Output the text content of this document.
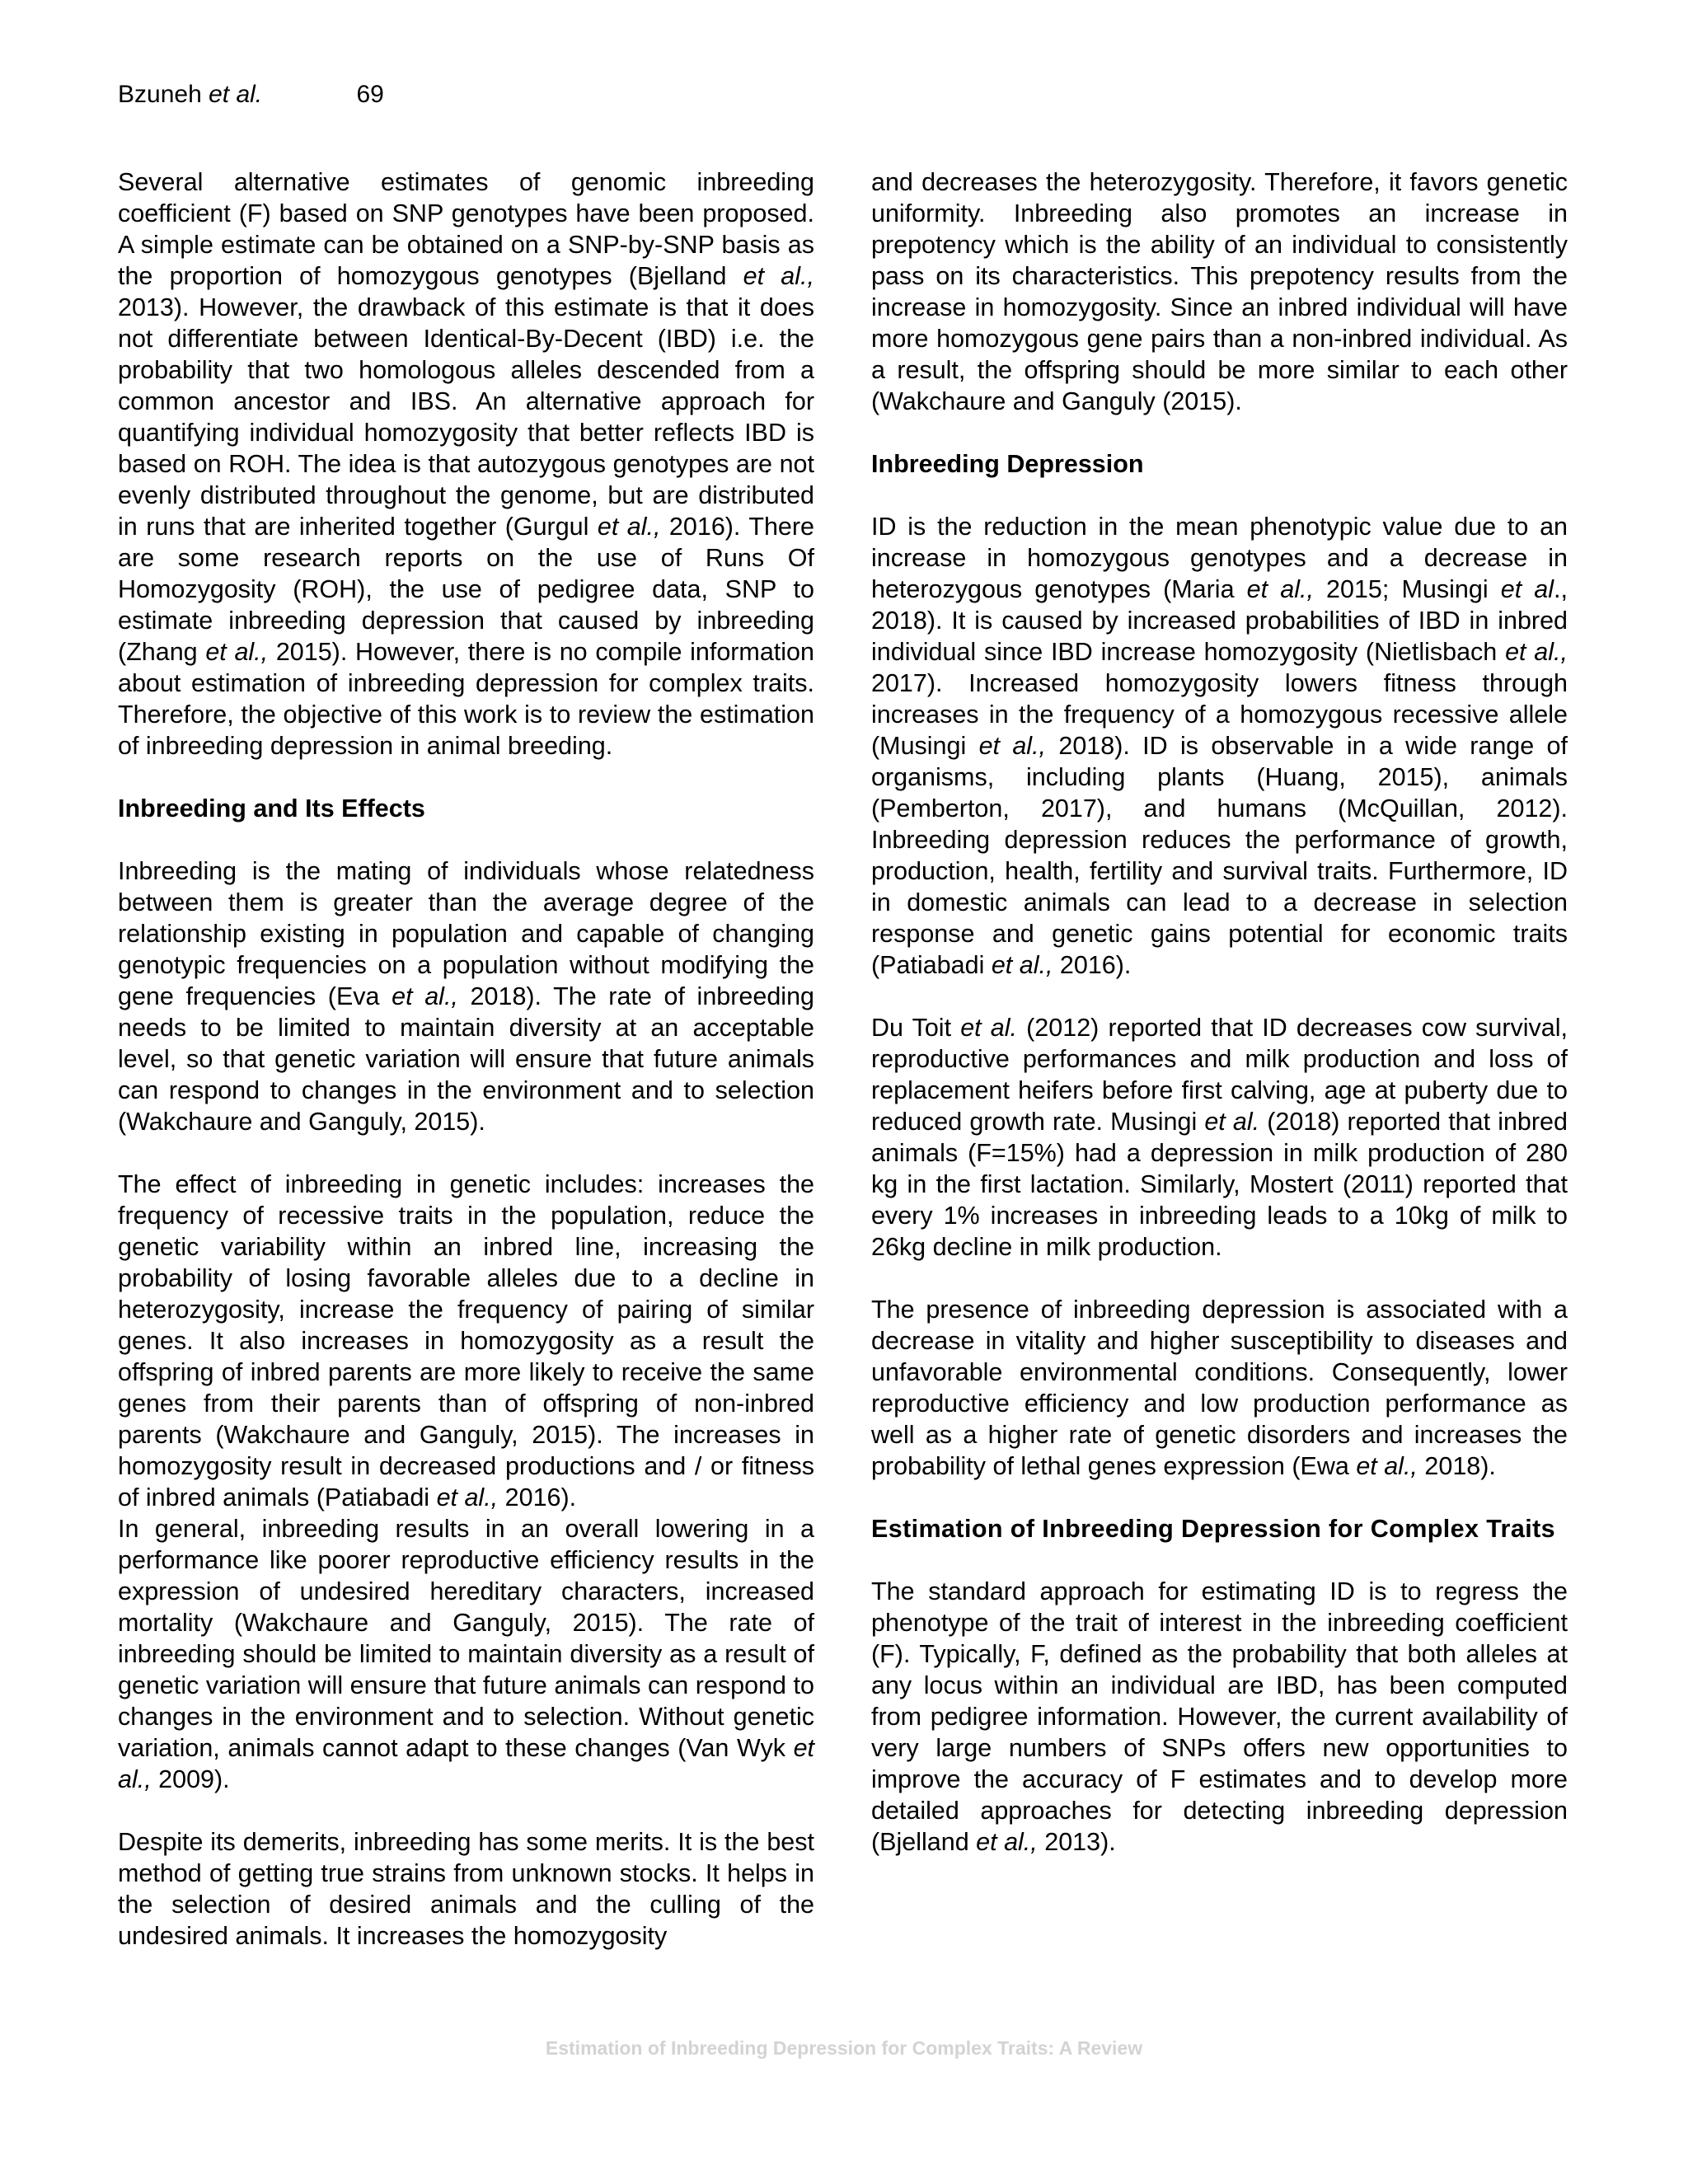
Bzuneh et al.	69

Several alternative estimates of genomic inbreeding coefficient (F) based on SNP genotypes have been proposed. A simple estimate can be obtained on a SNP-by-SNP basis as the proportion of homozygous genotypes (Bjelland et al., 2013). However, the drawback of this estimate is that it does not differentiate between Identical-By-Decent (IBD) i.e. the probability that two homologous alleles descended from a common ancestor and IBS. An alternative approach for quantifying individual homozygosity that better reflects IBD is based on ROH. The idea is that autozygous genotypes are not evenly distributed throughout the genome, but are distributed in runs that are inherited together (Gurgul et al., 2016). There are some research reports on the use of Runs Of Homozygosity (ROH), the use of pedigree data, SNP to estimate inbreeding depression that caused by inbreeding (Zhang et al., 2015). However, there is no compile information about estimation of inbreeding depression for complex traits. Therefore, the objective of this work is to review the estimation of inbreeding depression in animal breeding.

Inbreeding and Its Effects

Inbreeding is the mating of individuals whose relatedness between them is greater than the average degree of the relationship existing in population and capable of changing genotypic frequencies on a population without modifying the gene frequencies (Eva et al., 2018). The rate of inbreeding needs to be limited to maintain diversity at an acceptable level, so that genetic variation will ensure that future animals can respond to changes in the environment and to selection (Wakchaure and Ganguly, 2015).

The effect of inbreeding in genetic includes: increases the frequency of recessive traits in the population, reduce the genetic variability within an inbred line, increasing the probability of losing favorable alleles due to a decline in heterozygosity, increase the frequency of pairing of similar genes. It also increases in homozygosity as a result the offspring of inbred parents are more likely to receive the same genes from their parents than of offspring of non-inbred parents (Wakchaure and Ganguly, 2015). The increases in homozygosity result in decreased productions and / or fitness of inbred animals (Patiabadi et al., 2016).

In general, inbreeding results in an overall lowering in a performance like poorer reproductive efficiency results in the expression of undesired hereditary characters, increased mortality (Wakchaure and Ganguly, 2015). The rate of inbreeding should be limited to maintain diversity as a result of genetic variation will ensure that future animals can respond to changes in the environment and to selection. Without genetic variation, animals cannot adapt to these changes (Van Wyk et al., 2009).

Despite its demerits, inbreeding has some merits. It is the best method of getting true strains from unknown stocks. It helps in the selection of desired animals and the culling of the undesired animals. It increases the homozygosity

and decreases the heterozygosity. Therefore, it favors genetic uniformity. Inbreeding also promotes an increase in prepotency which is the ability of an individual to consistently pass on its characteristics. This prepotency results from the increase in homozygosity. Since an inbred individual will have more homozygous gene pairs than a non-inbred individual. As a result, the offspring should be more similar to each other (Wakchaure and Ganguly (2015).

Inbreeding Depression

ID is the reduction in the mean phenotypic value due to an increase in homozygous genotypes and a decrease in heterozygous genotypes (Maria et al., 2015; Musingi et al., 2018). It is caused by increased probabilities of IBD in inbred individual since IBD increase homozygosity (Nietlisbach et al., 2017). Increased homozygosity lowers fitness through increases in the frequency of a homozygous recessive allele (Musingi et al., 2018). ID is observable in a wide range of organisms, including plants (Huang, 2015), animals (Pemberton, 2017), and humans (McQuillan, 2012). Inbreeding depression reduces the performance of growth, production, health, fertility and survival traits. Furthermore, ID in domestic animals can lead to a decrease in selection response and genetic gains potential for economic traits (Patiabadi et al., 2016).

Du Toit et al. (2012) reported that ID decreases cow survival, reproductive performances and milk production and loss of replacement heifers before first calving, age at puberty due to reduced growth rate. Musingi et al. (2018) reported that inbred animals (F=15%) had a depression in milk production of 280 kg in the first lactation. Similarly, Mostert (2011) reported that every 1% increases in inbreeding leads to a 10kg of milk to 26kg decline in milk production.

The presence of inbreeding depression is associated with a decrease in vitality and higher susceptibility to diseases and unfavorable environmental conditions. Consequently, lower reproductive efficiency and low production performance as well as a higher rate of genetic disorders and increases the probability of lethal genes expression (Ewa et al., 2018).

Estimation of Inbreeding Depression for Complex Traits

The standard approach for estimating ID is to regress the phenotype of the trait of interest in the inbreeding coefficient (F). Typically, F, defined as the probability that both alleles at any locus within an individual are IBD, has been computed from pedigree information. However, the current availability of very large numbers of SNPs offers new opportunities to improve the accuracy of F estimates and to develop more detailed approaches for detecting inbreeding depression (Bjelland et al., 2013).

Estimation of Inbreeding Depression for Complex Traits: A Review
